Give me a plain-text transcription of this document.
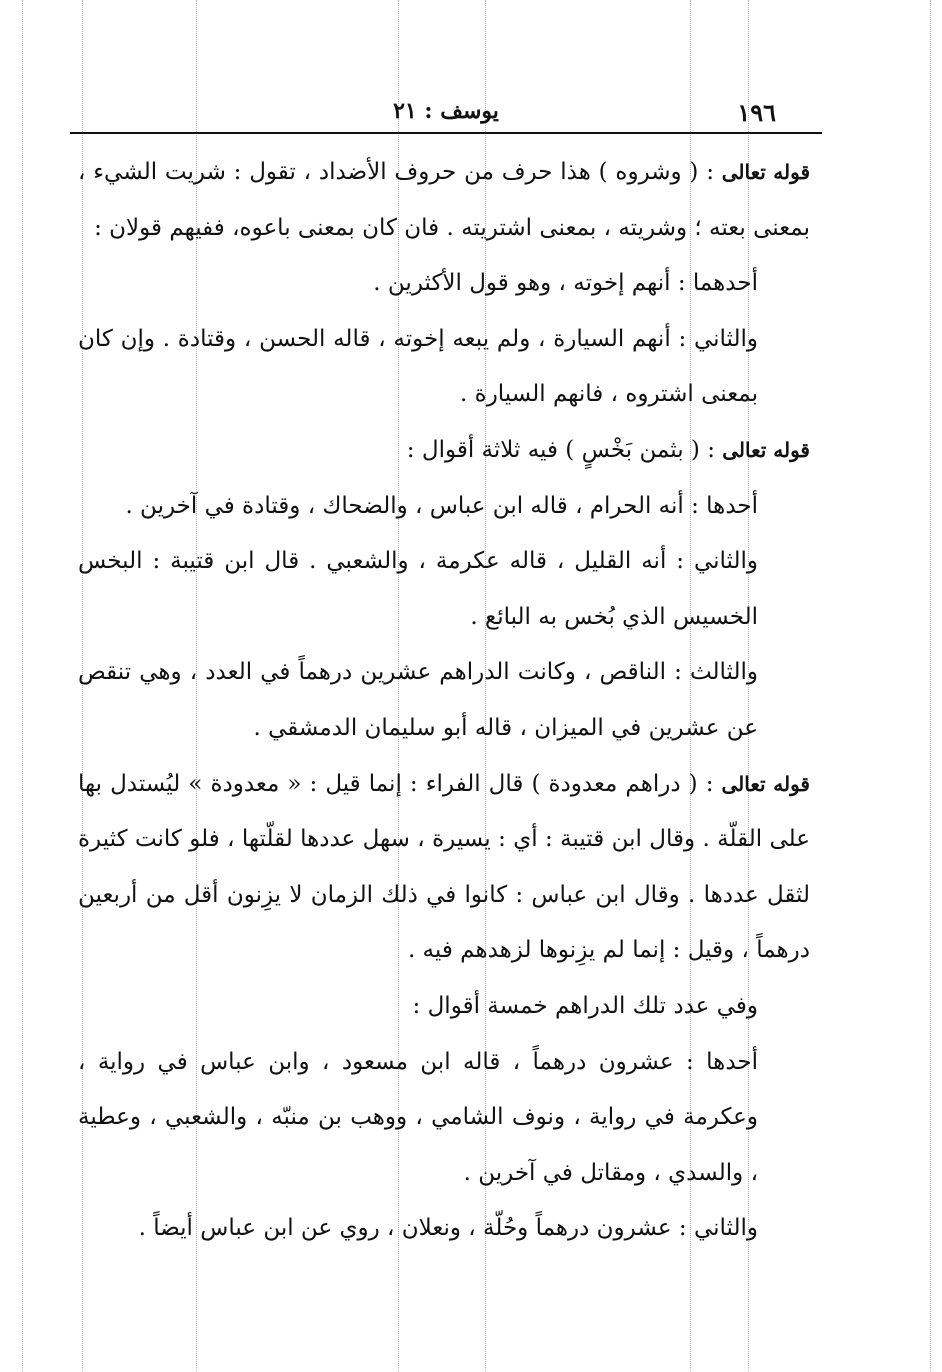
١٩٦
يوسف : ٢١

قوله تعالى : ( وشروه ) هذا حرف من حروف الأضداد ، تقول : شريت الشيء ، بمعنى بعته ؛ وشريته ، بمعنى اشتريته . فان كان بمعنى باعوه، ففيهم قولان :

أحدهما : أنهم إخوته ، وهو قول الأكثرين .

والثاني : أنهم السيارة ، ولم يبعه إخوته ، قاله الحسن ، وقتادة . وإن كان بمعنى اشتروه ، فانهم السيارة .

قوله تعالى : ( بثمن بَخْسٍ ) فيه ثلاثة أقوال :

أحدها : أنه الحرام ، قاله ابن عباس ، والضحاك ، وقتادة في آخرين .

والثاني : أنه القليل ، قاله عكرمة ، والشعبي . قال ابن قتيبة : البخس الخسيس الذي بُخس به البائع .

والثالث : الناقص ، وكانت الدراهم عشرين درهماً في العدد ، وهي تنقص عن عشرين في الميزان ، قاله أبو سليمان الدمشقي .

قوله تعالى : ( دراهم معدودة ) قال الفراء : إنما قيل : « معدودة » ليُستدل بها على القلّة . وقال ابن قتيبة : أي : يسيرة ، سهل عددها لقلّتها ، فلو كانت كثيرة لثقل عددها . وقال ابن عباس : كانوا في ذلك الزمان لا يزِنون أقل من أربعين درهماً ، وقيل : إنما لم يزِنوها لزهدهم فيه .

وفي عدد تلك الدراهم خمسة أقوال :

أحدها : عشرون درهماً ، قاله ابن مسعود ، وابن عباس في رواية ، وعكرمة في رواية ، ونوف الشامي ، ووهب بن منبّه ، والشعبي ، وعطية ، والسدي ، ومقاتل في آخرين .

والثاني : عشرون درهماً وحُلّة ، ونعلان ، روي عن ابن عباس أيضاً .
